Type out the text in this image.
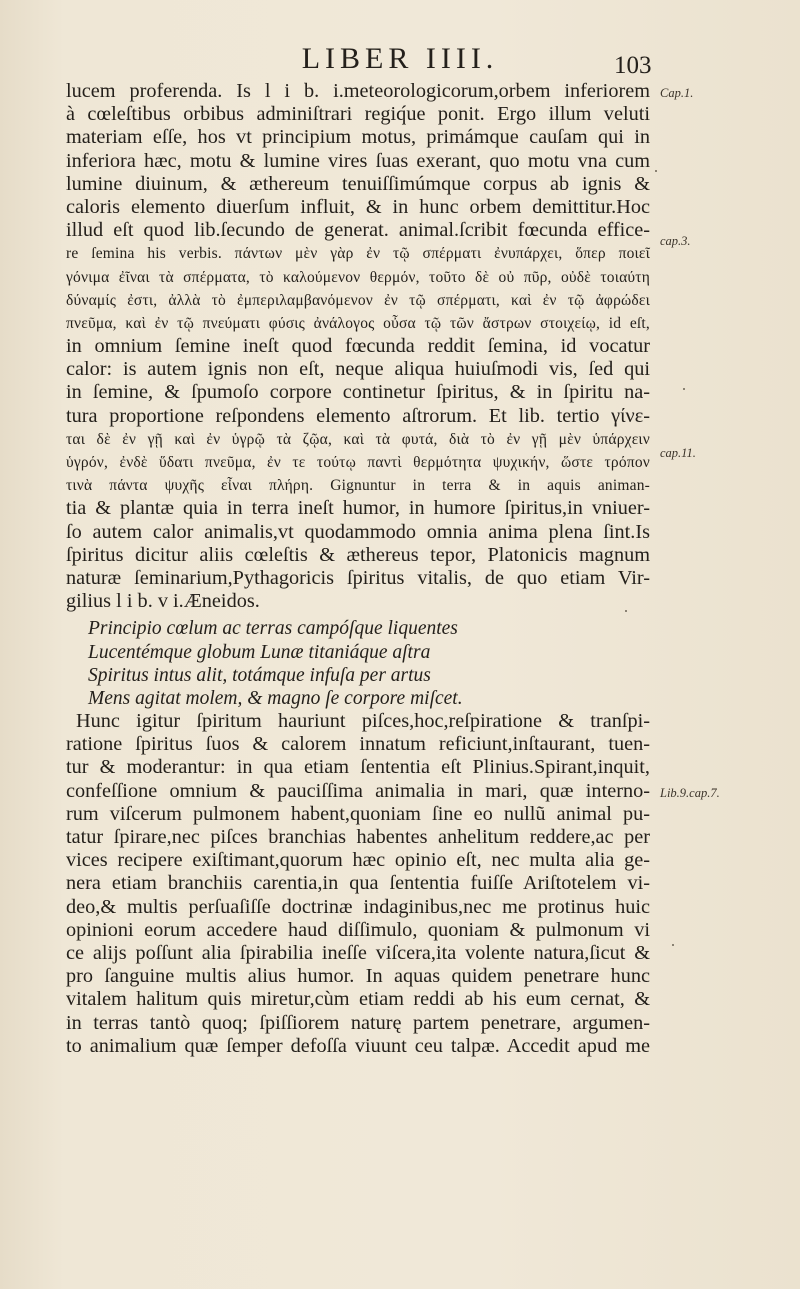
LIBER IIII.	103
lucem proferenda. Is l i b. i.meteorologicorum,orbem inferiorem
à cœleſtibus orbibus adminiſtrari regiq́ue ponit. Ergo illum veluti
materiam eſſe, hos vt principium motus, primámque cauſam qui in
inferiora hæc, motu & lumine vires ſuas exerant, quo motu vna cum
lumine diuinum, & æthereum tenuiſſimúmque corpus ab ignis &
caloris elemento diuerſum influit, & in hunc orbem demittitur.Hoc
illud eſt quod lib.ſecundo de generat. animal.ſcribit fœcunda effice-
re ſemina his verbis. πάντων μὲν γὰρ ἐν τῷ σπέρματι ἐνυπάρχει, ὅπερ ποιεῖ
γόνιμα ἐῖναι τὰ σπέρματα, τὸ καλούμενον θερμόν, τοῦτο δὲ οὐ πῦρ, οὐδὲ τοιαύτη
δύναμίς ἐστι, ἀλλὰ τὸ ἐμπεριλαμβανόμενον ἐν τῷ σπέρματι, καὶ ἐν τῷ ἀφρώδει
πνεῦμα, καὶ ἐν τῷ πνεύματι φύσις ἀνάλογος οὖσα τῷ τῶν ἄστρων στοιχείῳ, id eſt,
in omnium ſemine ineſt quod fœcunda reddit ſemina, id vocatur
calor: is autem ignis non eſt, neque aliqua huiuſmodi vis, ſed qui
in ſemine, & ſpumoſo corpore continetur ſpiritus, & in ſpiritu na-
tura proportione reſpondens elemento aſtrorum. Et lib. tertio γίνε-
ται δὲ ἐν γῇ καὶ ἐν ὑγρῷ τὰ ζῷα, καὶ τὰ φυτά, διὰ τὸ ἐν γῇ μὲν ὑπάρχειν
ὑγρόν, ἐνδὲ ὕδατι πνεῦμα, ἐν τε τούτῳ παντὶ θερμότητα ψυχικήν, ὥστε τρόπον
τινὰ πάντα ψυχῆς εἶναι πλήρη. Gignuntur in terra & in aquis animan-
tia & plantæ quia in terra ineſt humor, in humore ſpiritus,in vniuer-
ſo autem calor animalis,vt quodammodo omnia anima plena ſint.Is
ſpiritus dicitur aliis cœleſtis & æthereus tepor, Platonicis magnum
naturæ ſeminarium,Pythagoricis ſpiritus vitalis, de quo etiam Vir-
gilius l i b. v i.Æneidos.
Principio cœlum ac terras campóſque liquentes
Lucentémque globum Lunæ titaniáque aſtra
Spiritus intus alit, totámque infuſa per artus
Mens agitat molem, & magno ſe corpore miſcet.
Hunc igitur ſpiritum hauriunt piſces,hoc,reſpiratione & tranſpi-
ratione ſpiritus ſuos & calorem innatum reficiunt,inſtaurant, tuen-
tur & moderantur: in qua etiam ſententia eſt Plinius.Spirant,inquit,
confeſſione omnium & pauciſſima animalia in mari, quæ interno-
rum viſcerum pulmonem habent,quoniam ſine eo nullũ animal pu-
tatur ſpirare,nec piſces branchias habentes anhelitum reddere,ac per
vices recipere exiſtimant,quorum hæc opinio eſt, nec multa alia ge-
nera etiam branchiis carentia,in qua ſententia fuiſſe Ariſtotelem vi-
deo,& multis perſuaſiſſe doctrinæ indaginibus,nec me protinus huic
opinioni eorum accedere haud diſſimulo, quoniam & pulmonum vi
ce alijs poſſunt alia ſpirabilia ineſſe viſcera,ita volente natura,ſicut &
pro ſanguine multis alius humor. In aquas quidem penetrare hunc
vitalem halitum quis miretur,cùm etiam reddi ab his eum cernat, &
in terras tantò quoq; ſpiſſiorem naturę partem penetrare, argumen-
to animalium quæ ſemper defoſſa viuunt ceu talpæ. Accedit apud me
Cap.1.
cap.3.
cap.11.
Lib.9.cap.7.
